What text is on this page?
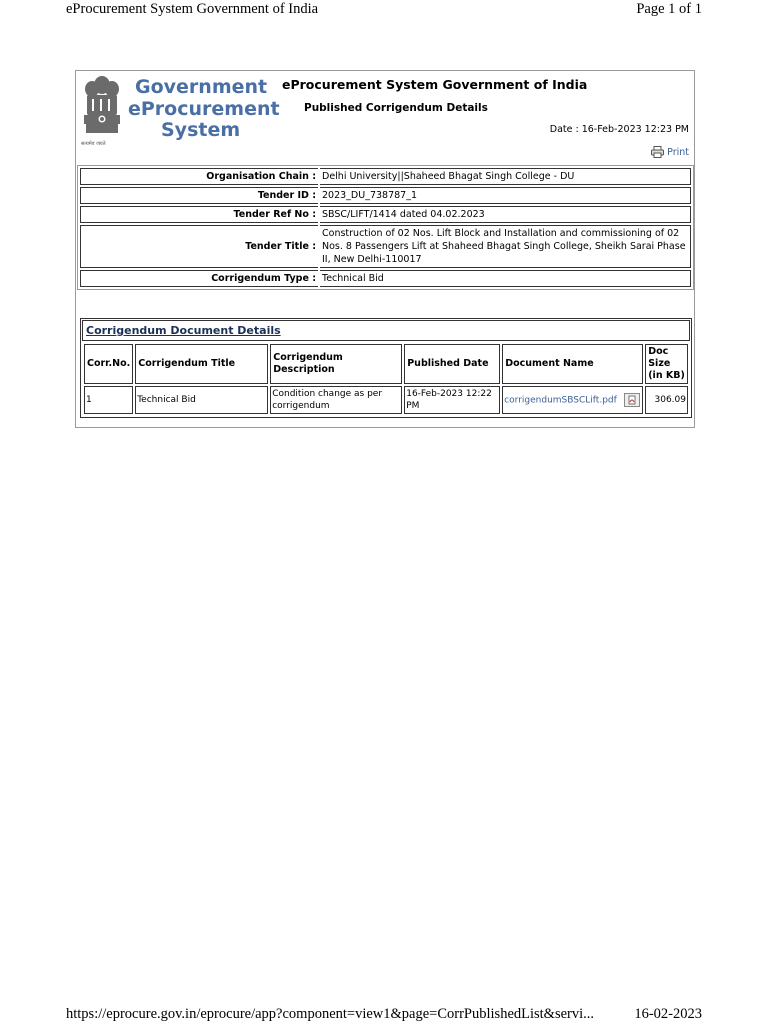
eProcurement System Government of India	Page 1 of 1
सत्यमेव जयते
Government
eProcurement
System
eProcurement System Government of India
Published Corrigendum Details
Date : 16-Feb-2023 12:23 PM
Print
Organisation Chain :	Delhi University||Shaheed Bhagat Singh College - DU
Tender ID :	2023_DU_738787_1
Tender Ref No :	SBSC/LIFT/1414 dated 04.02.2023
Tender Title :	Construction of 02 Nos. Lift Block and Installation and commissioning of 02 Nos. 8 Passengers Lift at Shaheed Bhagat Singh College, Sheikh Sarai Phase II, New Delhi-110017
Corrigendum Type :	Technical Bid
Corrigendum Document Details
Corr.No.	Corrigendum Title	Corrigendum Description	Published Date	Document Name	Doc Size (in KB)
1	Technical Bid	Condition change as per corrigendum	16-Feb-2023 12:22 PM	corrigendumSBSCLift.pdf	306.09
https://eprocure.gov.in/eprocure/app?component=view1&page=CorrPublishedList&servi...	16-02-2023
